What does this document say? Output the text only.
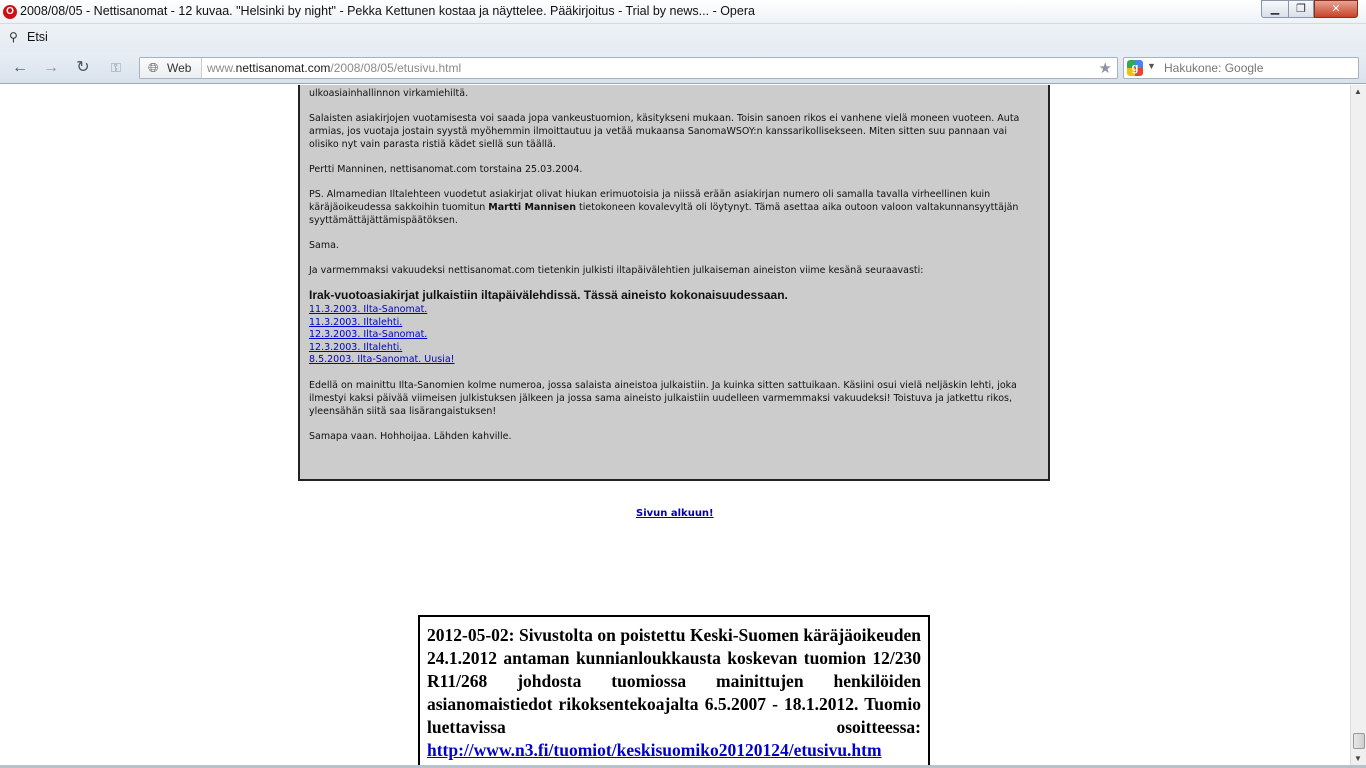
O 2008/08/05 - Nettisanomat - 12 kuvaa. "Helsinki by night" - Pekka Kettunen kostaa ja näyttelee. Pääkirjoitus - Trial by news... - Opera	▁	❐	✕
⚲ Etsi
← → ↻	⚿	🌐︎ Web www.nettisanomat.com/2008/08/05/etusivu.html	★	g ▼ Hakukone: Google

ulkoasiainhallinnon virkamiehiltä.

Salaisten asiakirjojen vuotamisesta voi saada jopa vankeustuomion, käsitykseni mukaan. Toisin sanoen rikos ei vanhene vielä moneen vuoteen. Auta armias, jos vuotaja jostain syystä myöhemmin ilmoittautuu ja vetää mukaansa SanomaWSOY:n kanssarikollisekseen. Miten sitten suu pannaan vai olisiko nyt vain parasta ristiä kädet siellä sun täällä.

Pertti Manninen, nettisanomat.com torstaina 25.03.2004.

PS. Almamedian Iltalehteen vuodetut asiakirjat olivat hiukan erimuotoisia ja niissä erään asiakirjan numero oli samalla tavalla virheellinen kuin käräjäoikeudessa sakkoihin tuomitun Martti Mannisen tietokoneen kovalevyltä oli löytynyt. Tämä asettaa aika outoon valoon valtakunnansyyttäjän syyttämättäjättämispäätöksen.

Sama.

Ja varmemmaksi vakuudeksi nettisanomat.com tietenkin julkisti iltapäivälehtien julkaiseman aineiston viime kesänä seuraavasti:

Irak-vuotoasiakirjat julkaistiin iltapäivälehdissä. Tässä aineisto kokonaisuudessaan.
11.3.2003. Ilta-Sanomat.
11.3.2003. Iltalehti.
12.3.2003. Ilta-Sanomat.
12.3.2003. Iltalehti.
8.5.2003. Ilta-Sanomat. Uusia!

Edellä on mainittu Ilta-Sanomien kolme numeroa, jossa salaista aineistoa julkaistiin. Ja kuinka sitten sattuikaan. Käsiini osui vielä neljäskin lehti, joka ilmestyi kaksi päivää viimeisen julkistuksen jälkeen ja jossa sama aineisto julkaistiin uudelleen varmemmaksi vakuudeksi! Toistuva ja jatkettu rikos, yleensähän siitä saa lisärangaistuksen!

Samapa vaan. Hohhoijaa. Lähden kahville.

Sivun alkuun!
2012-05-02: Sivustolta on poistettu Keski-Suomen käräjäoikeuden 24.1.2012 antaman kunnianloukkausta koskevan tuomion 12/230 R11/268 johdosta tuomiossa mainittujen henkilöiden asianomaistiedot rikoksentekoajalta 6.5.2007 - 18.1.2012. Tuomio luettavissa osoitteessa: http://www.n3.fi/tuomiot/keskisuomiko20120124/etusivu.htm
▲
▼
